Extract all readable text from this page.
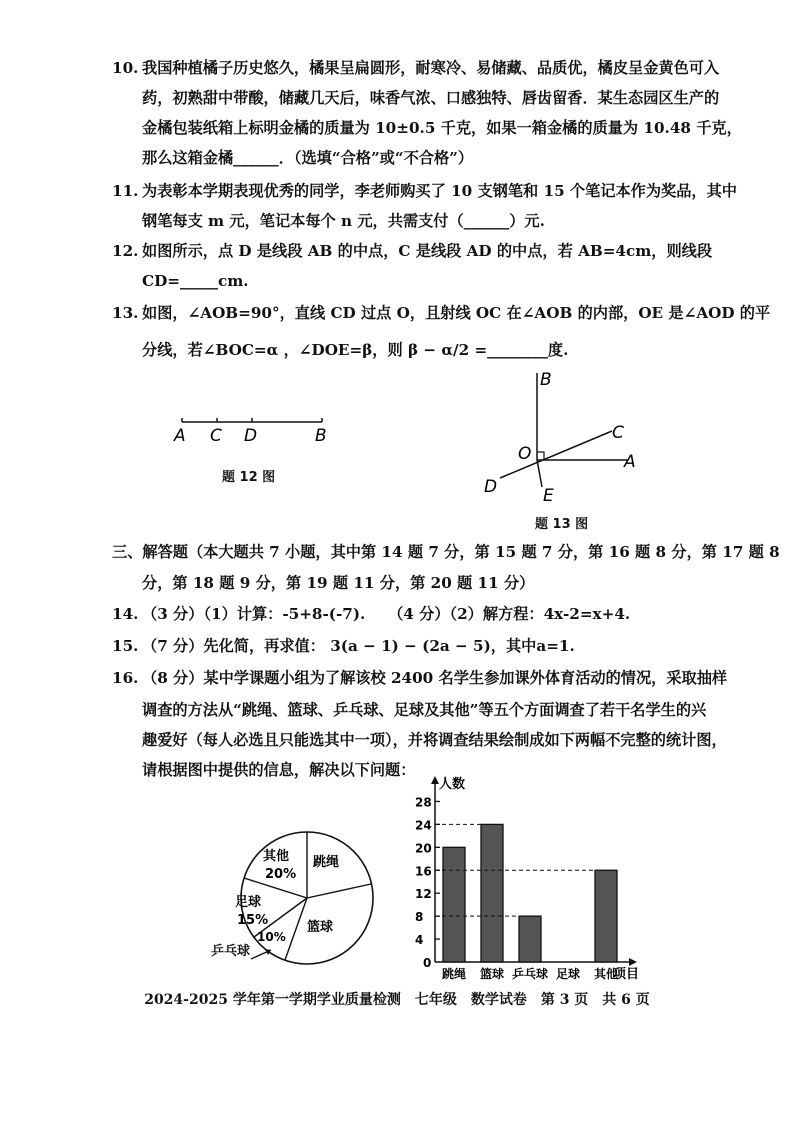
10. 我国种植橘子历史悠久，橘果呈扁圆形，耐寒冷、易储藏、品质优，橘皮呈金黄色可入
药，初熟甜中带酸，储藏几天后，味香气浓、口感独特、唇齿留香．某生态园区生产的
金橘包装纸箱上标明金橘的质量为 10±0.5 千克，如果一箱金橘的质量为 10.48 千克，
那么这箱金橘______．（选填“合格”或“不合格”）
11. 为表彰本学期表现优秀的同学，李老师购买了 10 支钢笔和 15 个笔记本作为奖品，其中
钢笔每支 m 元，笔记本每个 n 元，共需支付（______）元.
12. 如图所示，点 D 是线段 AB 的中点，C 是线段 AD 的中点，若 AB=4cm，则线段
CD=_____cm.
13. 如图，∠AOB=90°，直线 CD 过点 O，且射线 OC 在∠AOB 的内部，OE 是∠AOD 的平
分线，若∠BOC=α ，∠DOE=β，则 β − α/2 =________度.
A C D	B
题 12 图
B
C
O	A
D	E
题 13 图
三、解答题（本大题共 7 小题，其中第 14 题 7 分，第 15 题 7 分，第 16 题 8 分，第 17 题 8
分，第 18 题 9 分，第 19 题 11 分，第 20 题 11 分）
14. （3 分）（1）计算：-5+8-(-7).　　（4 分）（2）解方程：4x-2=x+4.
15. （7 分）先化简，再求值： 3(a − 1) − (2a − 5)，其中a=1.
16. （8 分）某中学课题小组为了解该校 2400 名学生参加课外体育活动的情况，采取抽样
调查的方法从“跳绳、篮球、乒乓球、足球及其他”等五个方面调查了若干名学生的兴
趣爱好（每人必选且只能选其中一项），并将调查结果绘制成如下两幅不完整的统计图，
请根据图中提供的信息，解决以下问题：
其他
20%
跳绳
篮球
10%
足球
15%
乒乓球
人数
项目
0
4
8
12
16
20
24
28
跳绳 篮球 乒乓球 足球 其他
2024-2025 学年第一学期学业质量检测　七年级　数学试卷　第 3 页　共 6 页
